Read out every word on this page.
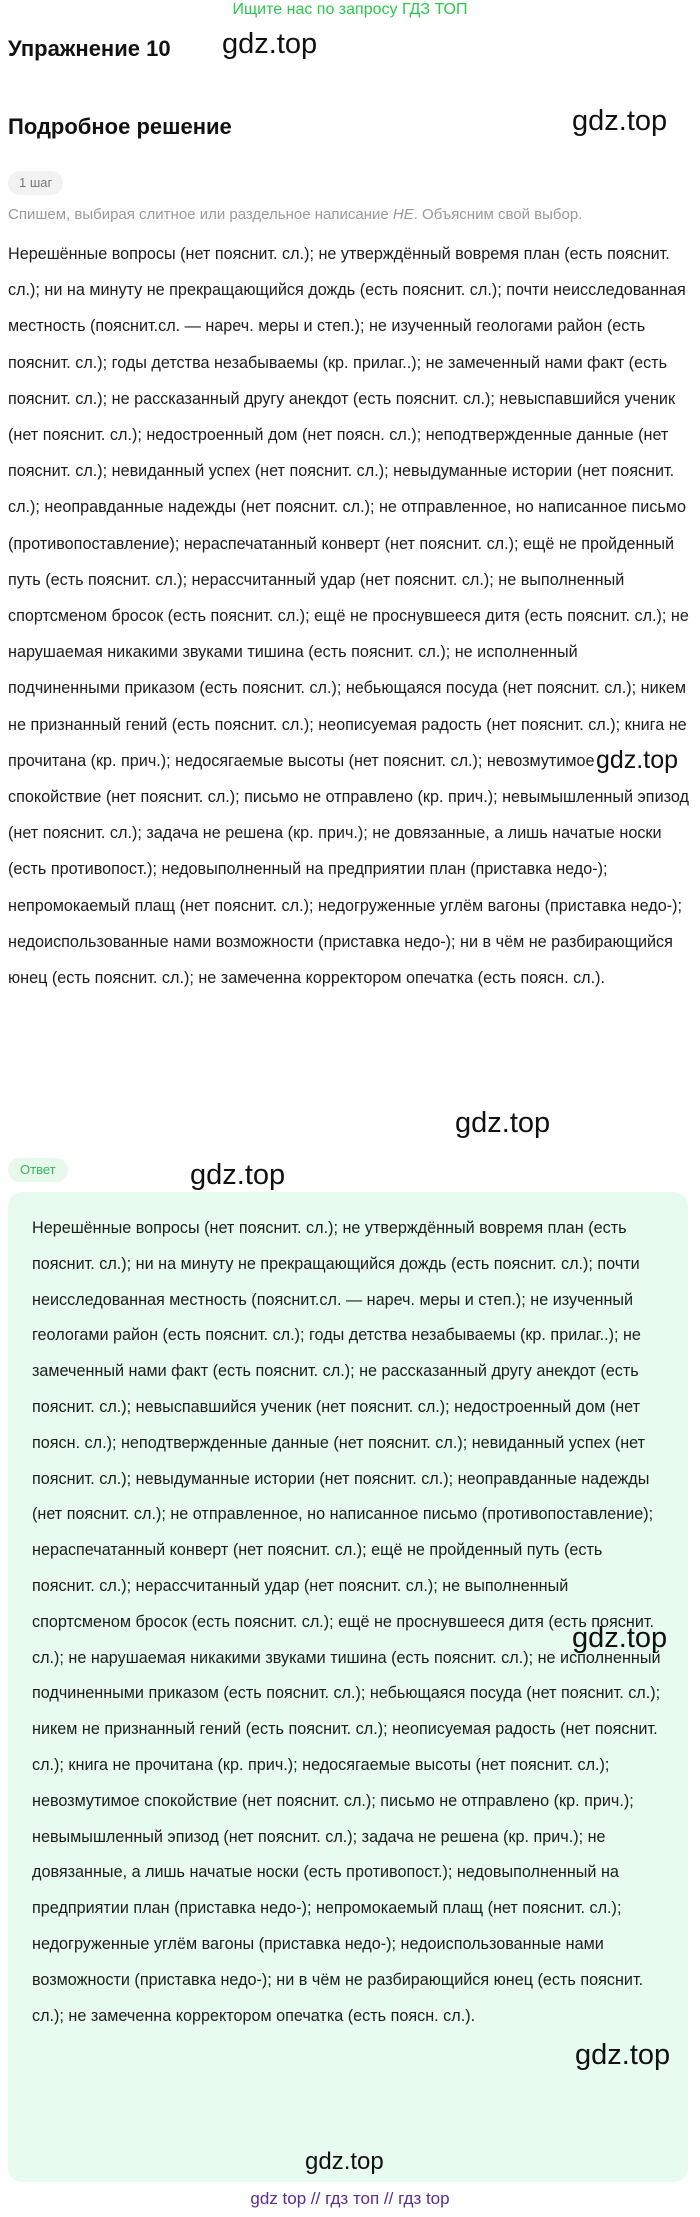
Ищите нас по запросу ГДЗ ТОП
Упражнение 10 gdz.top
Подробное решение	gdz.top
1 шаг
Спишем, выбирая слитное или раздельное написание НЕ. Объясним свой выбор.
Нерешённые вопросы (нет пояснит. сл.); не утверждённый вовремя план (есть пояснит. сл.); ни на минуту не прекращающийся дождь (есть пояснит. сл.); почти неисследованная местность (пояснит.сл. — нареч. меры и степ.); не изученный геологами район (есть пояснит. сл.); годы детства незабываемы (кр. прилаг..); не замеченный нами факт (есть пояснит. сл.); не рассказанный другу анекдот (есть пояснит. сл.); невыспавшийся ученик (нет пояснит. сл.); недостроенный дом (нет поясн. сл.); неподтвержденные данные (нет пояснит. сл.); невиданный успех (нет пояснит. сл.); невыдуманные истории (нет пояснит. сл.); неоправданные надежды (нет пояснит. сл.); не отправленное, но написанное письмо (противопоставление); нераспечатанный конверт (нет пояснит. сл.); ещё не пройденный путь (есть пояснит. сл.); нерассчитанный удар (нет пояснит. сл.); не выполненный спортсменом бросок (есть пояснит. сл.); ещё не проснувшееся дитя (есть пояснит. сл.); не нарушаемая никакими звуками тишина (есть пояснит. сл.); не исполненный подчиненными приказом (есть пояснит. сл.); небьющаяся посуда (нет пояснит. сл.); никем не признанный гений (есть пояснит. сл.); неописуемая радость (нет пояснит. сл.); книга не прочитана (кр. прич.); недосягаемые высоты (нет пояснит. сл.); невозмутимое спокойствие (нет пояснит. сл.); письмо не отправлено (кр. прич.); невымышленный эпизод (нет пояснит. сл.); задача не решена (кр. прич.); не довязанные, а лишь начатые носки (есть противопост.); недовыполненный на предприятии план (приставка недо-); непромокаемый плащ (нет пояснит. сл.); недогруженные углём вагоны (приставка недо-); недоиспользованные нами возможности (приставка недо-); ни в чём не разбирающийся юнец (есть пояснит. сл.); не замеченна корректором опечатка (есть поясн. сл.).
gdz.top
gdz.top
Ответ	gdz.top
Нерешённые вопросы (нет пояснит. сл.); не утверждённый вовремя план (есть пояснит. сл.); ни на минуту не прекращающийся дождь (есть пояснит. сл.); почти неисследованная местность (пояснит.сл. — нареч. меры и степ.); не изученный геологами район (есть пояснит. сл.); годы детства незабываемы (кр. прилаг..); не замеченный нами факт (есть пояснит. сл.); не рассказанный другу анекдот (есть пояснит. сл.); невыспавшийся ученик (нет пояснит. сл.); недостроенный дом (нет поясн. сл.); неподтвержденные данные (нет пояснит. сл.); невиданный успех (нет пояснит. сл.); невыдуманные истории (нет пояснит. сл.); неоправданные надежды (нет пояснит. сл.); не отправленное, но написанное письмо (противопоставление); нераспечатанный конверт (нет пояснит. сл.); ещё не пройденный путь (есть пояснит. сл.); нерассчитанный удар (нет пояснит. сл.); не выполненный спортсменом бросок (есть пояснит. сл.); ещё не проснувшееся дитя (есть пояснит. сл.); не нарушаемая никакими звуками тишина (есть пояснит. сл.); не исполненный подчиненными приказом (есть пояснит. сл.); небьющаяся посуда (нет пояснит. сл.); никем не признанный гений (есть пояснит. сл.); неописуемая радость (нет пояснит. сл.); книга не прочитана (кр. прич.); недосягаемые высоты (нет пояснит. сл.); невозмутимое спокойствие (нет пояснит. сл.); письмо не отправлено (кр. прич.); невымышленный эпизод (нет пояснит. сл.); задача не решена (кр. прич.); не довязанные, а лишь начатые носки (есть противопост.); недовыполненный на предприятии план (приставка недо-); непромокаемый плащ (нет пояснит. сл.); недогруженные углём вагоны (приставка недо-); недоиспользованные нами возможности (приставка недо-); ни в чём не разбирающийся юнец (есть пояснит. сл.); не замеченна корректором опечатка (есть поясн. сл.).
gdz.top
gdz.top
gdz.top
gdz top // гдз топ // гдз top
